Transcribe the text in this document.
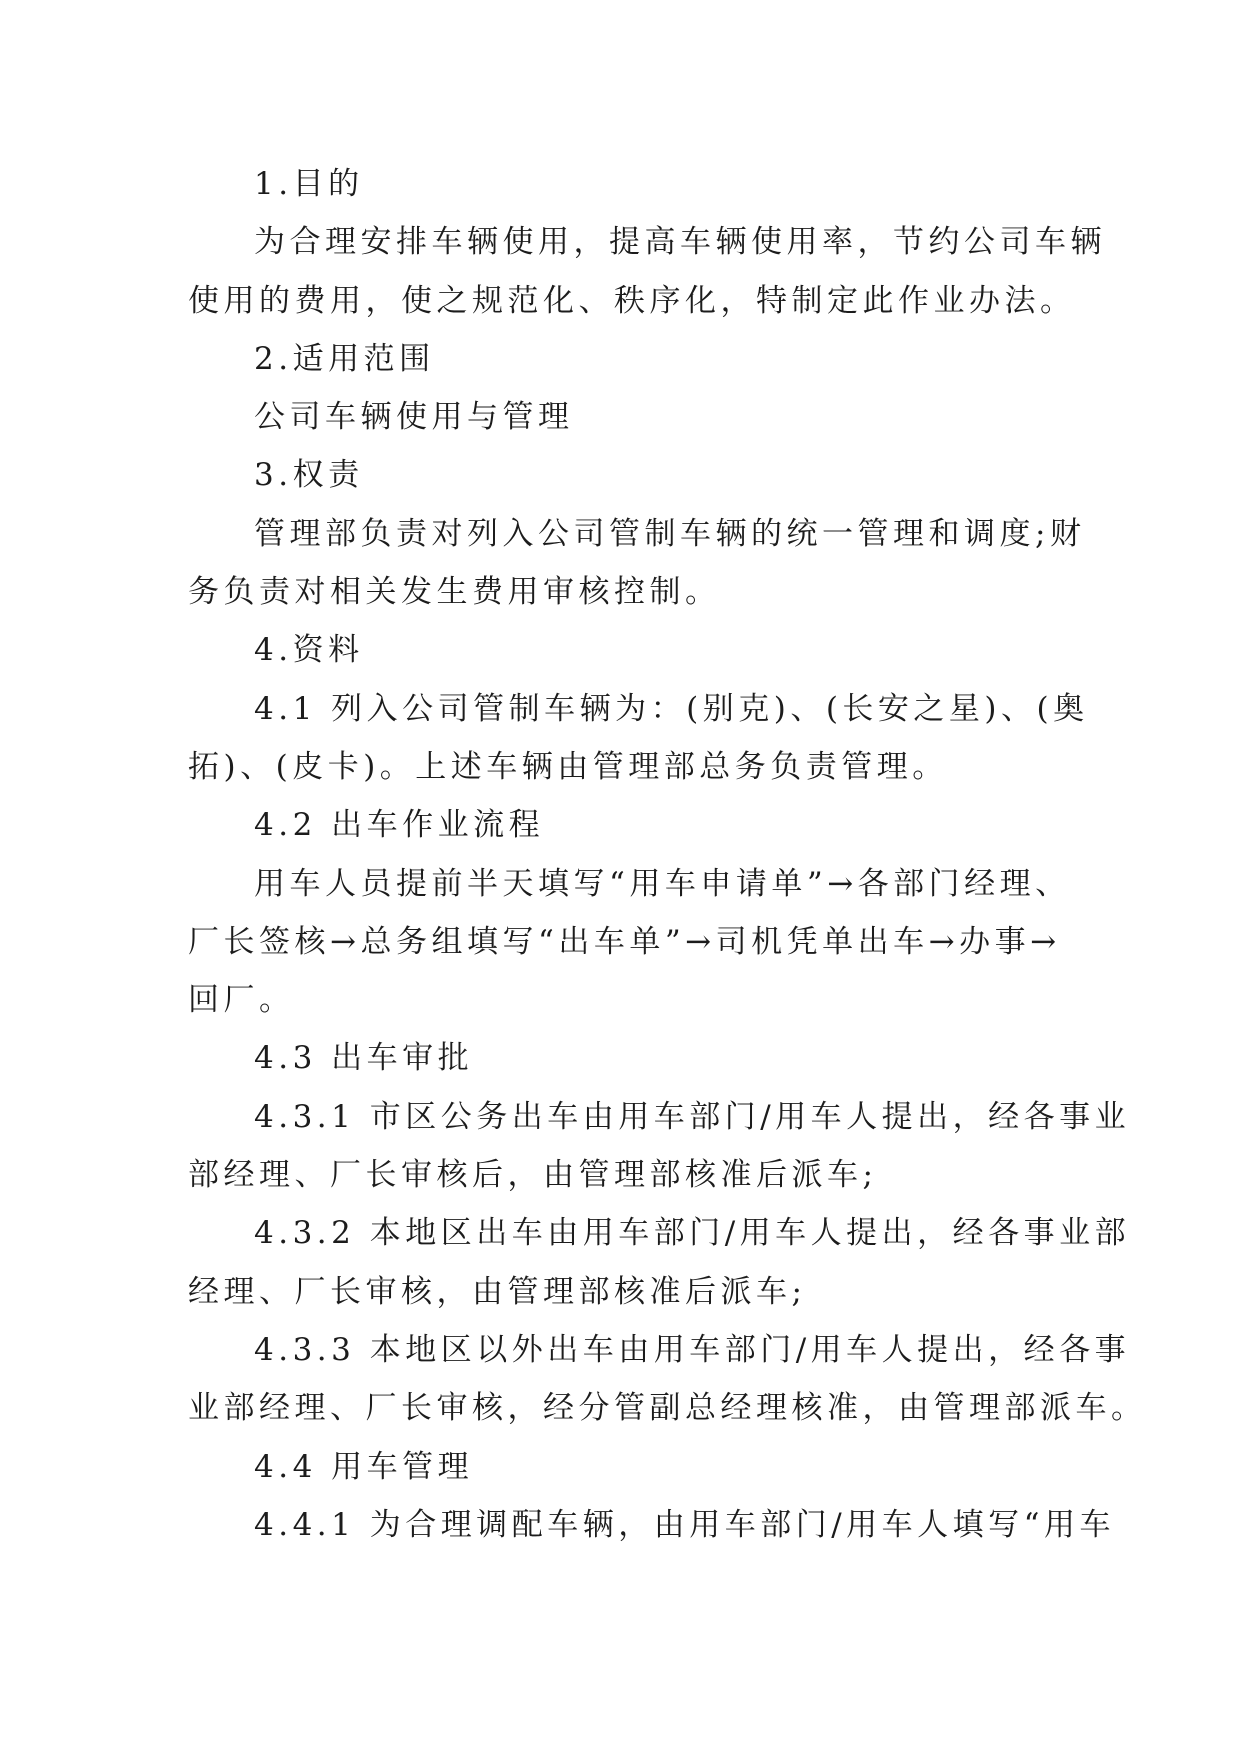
1.目的
为合理安排车辆使用，提高车辆使用率，节约公司车辆
使用的费用，使之规范化、秩序化，特制定此作业办法。
2.适用范围
公司车辆使用与管理
3.权责
管理部负责对列入公司管制车辆的统一管理和调度;财
务负责对相关发生费用审核控制。
4.资料
4.1 列入公司管制车辆为：(别克)、(长安之星)、(奥
拓)、(皮卡)。上述车辆由管理部总务负责管理。
4.2 出车作业流程
用车人员提前半天填写“用车申请单”→各部门经理、
厂长签核→总务组填写“出车单”→司机凭单出车→办事→
回厂。
4.3 出车审批
4.3.1 市区公务出车由用车部门/用车人提出，经各事业
部经理、厂长审核后，由管理部核准后派车;
4.3.2 本地区出车由用车部门/用车人提出，经各事业部
经理、厂长审核，由管理部核准后派车;
4.3.3 本地区以外出车由用车部门/用车人提出，经各事
业部经理、厂长审核，经分管副总经理核准，由管理部派车。
4.4 用车管理
4.4.1 为合理调配车辆，由用车部门/用车人填写“用车
